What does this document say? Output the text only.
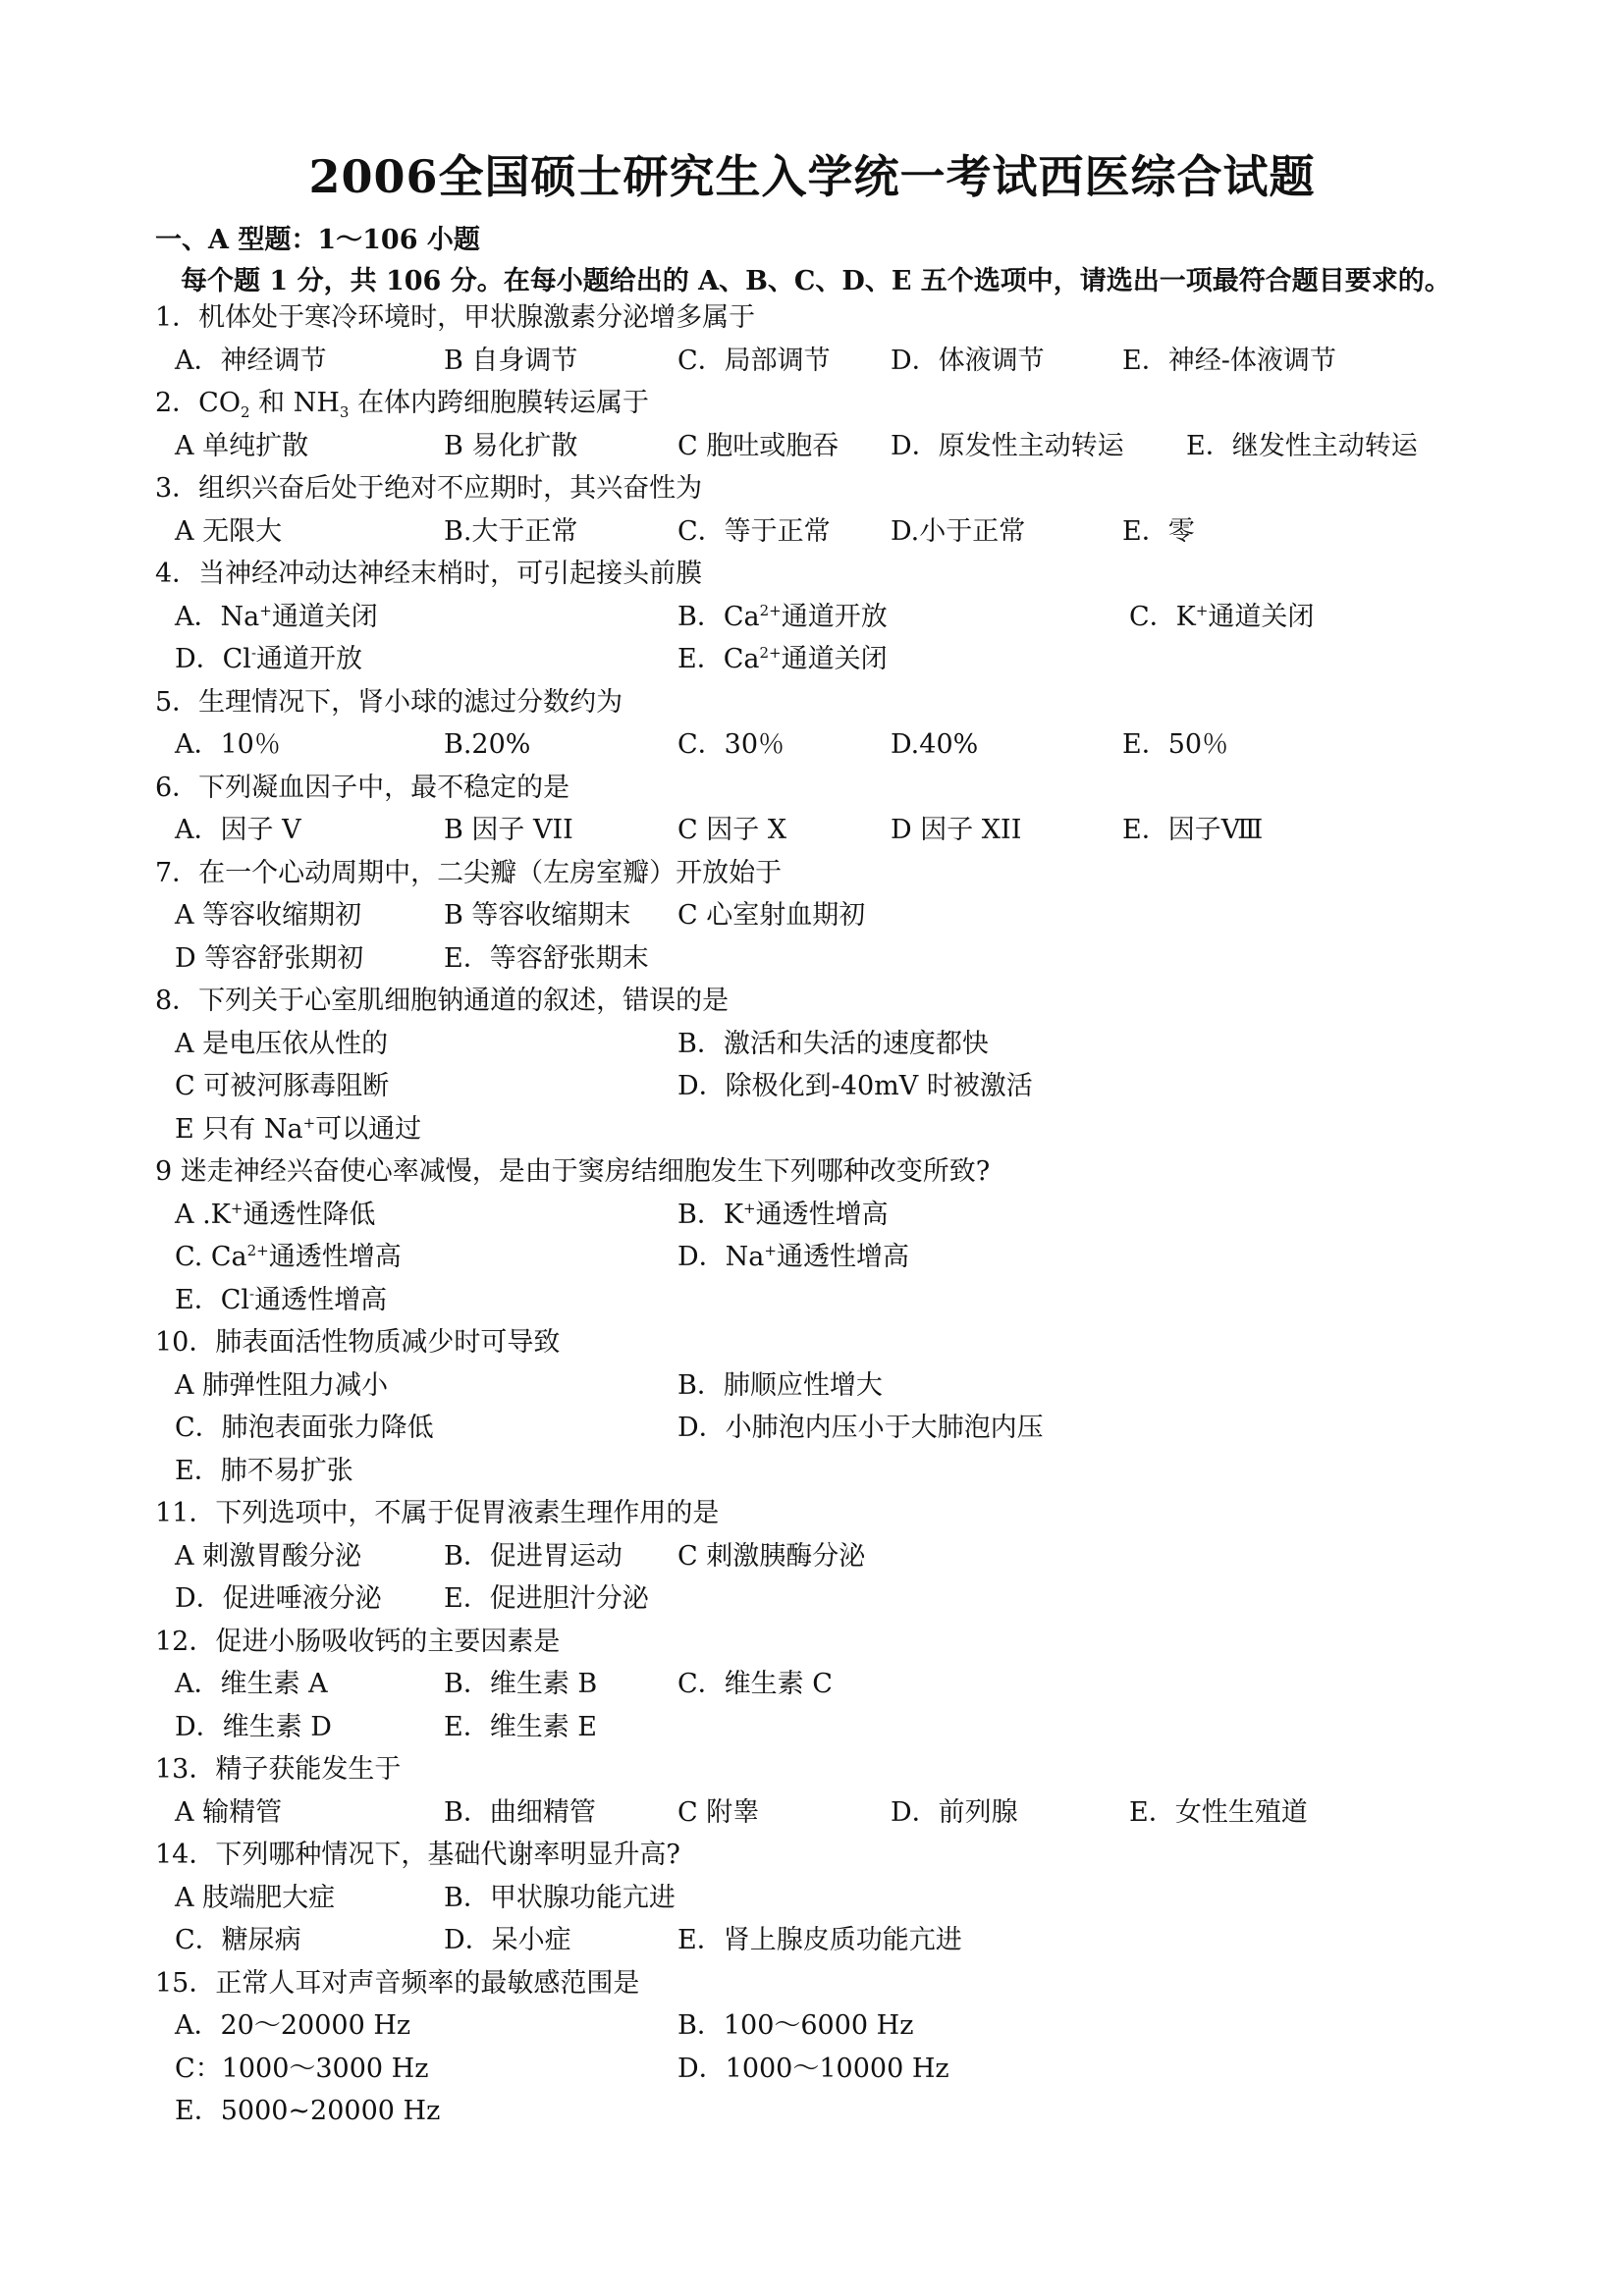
2006全国硕士研究生入学统一考试西医综合试题
一、A 型题：1～106 小题
每个题 1 分，共 106 分。在每小题给出的 A、B、C、D、E 五个选项中，请选出一项最符合题目要求的。
1．机体处于寒冷环境时，甲状腺激素分泌增多属于
A．神经调节	B 自身调节	C．局部调节 D．体液调节	E．神经-体液调节
2．$CO_2$ 和 $NH_3$ 在体内跨细胞膜转运属于
A 单纯扩散	B 易化扩散	C 胞吐或胞吞 D．原发性主动转运 E．继发性主动转运
3．组织兴奋后处于绝对不应期时，其兴奋性为
A 无限大	B.大于正常	C．等于正常 D.小于正常	E．零
4．当神经冲动达神经末梢时，可引起接头前膜
A．Na+通道关闭	B．$Ca^{2+}$通道开放	C．K+通道关闭
D．Cl-通道开放	E．$Ca^{2+}$通道关闭
5．生理情况下，肾小球的滤过分数约为
A．10％	B.20%	C．30％	D.40%	E．50％
6．下列凝血因子中，最不稳定的是
A．因子 V	B 因子 VII	C 因子 X	D 因子 XII	E．因子Ⅷ
7．在一个心动周期中，二尖瓣（左房室瓣）开放始于
A 等容收缩期初	B 等容收缩期末 C 心室射血期初
D 等容舒张期初	E．等容舒张期末
8．下列关于心室肌细胞钠通道的叙述，错误的是
A 是电压依从性的	B．激活和失活的速度都快
C 可被河豚毒阻断	D．除极化到-40mV 时被激活
E 只有 Na+可以通过
9 迷走神经兴奋使心率减慢，是由于窦房结细胞发生下列哪种改变所致?
A .K+通透性降低	B．K+通透性增高
C. $Ca^{2+}$通透性增高	D．Na+通透性增高
E．Cl-通透性增高
10．肺表面活性物质减少时可导致
A 肺弹性阻力减小	B．肺顺应性增大
C．肺泡表面张力降低	D．小肺泡内压小于大肺泡内压
E．肺不易扩张
11．下列选项中，不属于促胃液素生理作用的是
A 刺激胃酸分泌	B．促进胃运动 C 刺激胰酶分泌
D．促进唾液分泌 E．促进胆汁分泌
12．促进小肠吸收钙的主要因素是
A．维生素 A	B．维生素 B	C．维生素 C
D．维生素 D	E．维生素 E
13．精子获能发生于
A 输精管	B．曲细精管	C 附睾	D．前列腺	E．女性生殖道
14．下列哪种情况下，基础代谢率明显升高?
A 肢端肥大症	B．甲状腺功能亢进
C．糖尿病	D．呆小症	E．肾上腺皮质功能亢进
15．正常人耳对声音频率的最敏感范围是
A．20～20000 Hz	B．100～6000 Hz
C：1000～3000 Hz	D．1000～10000 Hz
E．5000~20000 Hz
